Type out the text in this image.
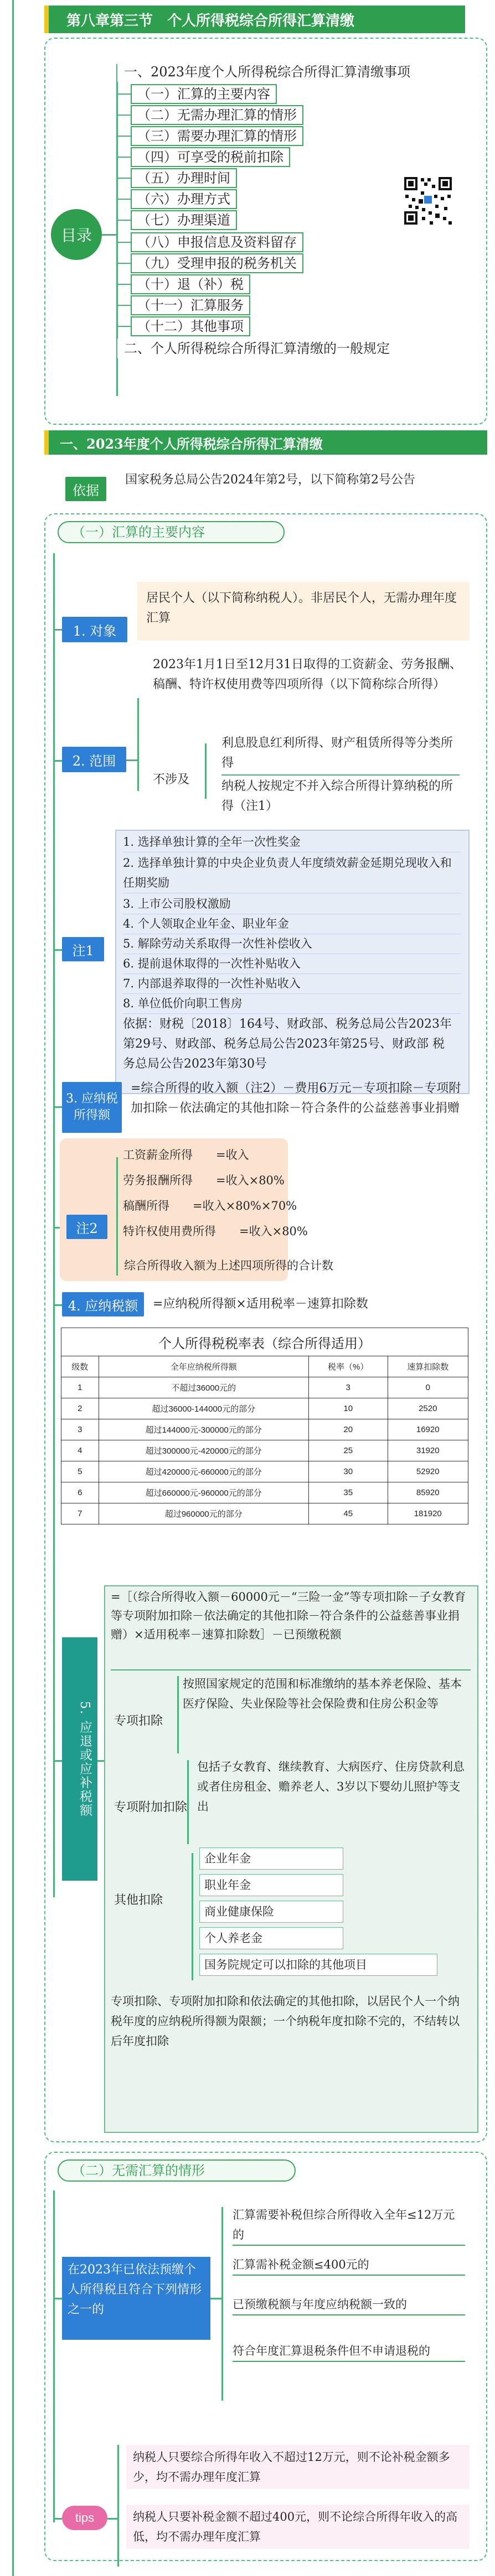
第八章第三节　个人所得税综合所得汇算清缴
目录
一、2023年度个人所得税综合所得汇算清缴
依据
国家税务总局公告2024年第2号，以下简称第2号公告
（一）汇算的主要内容
1. 对象
居民个人（以下简称纳税人）。非居民个人，无需办理年度汇算
2. 范围
2023年1月1日至12月31日取得的工资薪金、劳务报酬、稿酬、特许权使用费等四项所得（以下简称综合所得）
不涉及
利息股息红利所得、财产租赁所得等分类所得
纳税人按规定不并入综合所得计算纳税的所得（注1）
注1
依据：财税〔2018〕164号、财政部、税务总局公告2023年第29号、财政部、税务总局公告2023年第25号、财政部 税务总局公告2023年第30号
3. 应纳税所得额
=综合所得的收入额（注2）－费用6万元－专项扣除－专项附加扣除－依法确定的其他扣除－符合条件的公益慈善事业捐赠
注2
综合所得收入额为上述四项所得的合计数
4. 应纳税额	=应纳税所得额×适用税率－速算扣除数
个人所得税税率表（综合所得适用）			
级数	全年应纳税所得额	税率（%）	速算扣除数
1	不超过36000元的	3	0
2	超过36000-144000元的部分	10	2520
3	超过144000元-300000元的部分	20	16920
4	超过300000元-420000元的部分	25	31920
5	超过420000元-660000元的部分	30	52920
6	超过660000元-960000元的部分	35	85920
7	超过960000元的部分	45	181920
5. 应退或应补税额
=［（综合所得收入额－60000元－“三险一金”等专项扣除－子女教育等专项附加扣除－依法确定的其他扣除－符合条件的公益慈善事业捐赠）×适用税率－速算扣除数］－已预缴税额
专项扣除
按照国家规定的范围和标准缴纳的基本养老保险、基本医疗保险、失业保险等社会保险费和住房公积金等
专项附加扣除
包括子女教育、继续教育、大病医疗、住房贷款利息或者住房租金、赡养老人、3岁以下婴幼儿照护等支出
其他扣除
专项扣除、专项附加扣除和依法确定的其他扣除，以居民个人一个纳税年度的应纳税所得额为限额；一个纳税年度扣除不完的，不结转以后年度扣除
（二）无需汇算的情形
在2023年已依法预缴个人所得税且符合下列情形之一的
tips
一、2023年度个人所得税综合所得汇算清缴事项
（一）汇算的主要内容
（二）无需办理汇算的情形
（三）需要办理汇算的情形
（四）可享受的税前扣除
（五）办理时间
（六）办理方式
（七）办理渠道
（八）申报信息及资料留存
（九）受理申报的税务机关
（十）退（补）税
（十一）汇算服务
（十二）其他事项
二、个人所得税综合所得汇算清缴的一般规定
1. 选择单独计算的全年一次性奖金
2. 选择单独计算的中央企业负责人年度绩效薪金延期兑现收入和任期奖励
3. 上市公司股权激励
4. 个人领取企业年金、职业年金
5. 解除劳动关系取得一次性补偿收入
6. 提前退休取得的一次性补贴收入
7. 内部退养取得的一次性补贴收入
8. 单位低价向职工售房
工资薪金所得　　=收入
劳务报酬所得　　=收入×80%
稿酬所得　　=收入×80%×70%
特许权使用费所得　　=收入×80%
企业年金
职业年金
商业健康保险
个人养老金
国务院规定可以扣除的其他项目
汇算需要补税但综合所得收入全年≤12万元的
汇算需补税金额≤400元的
已预缴税额与年度应纳税额一致的
符合年度汇算退税条件但不申请退税的
纳税人只要综合所得年收入不超过12万元，则不论补税金额多少，均不需办理年度汇算
纳税人只要补税金额不超过400元，则不论综合所得年收入的高低，均不需办理年度汇算
